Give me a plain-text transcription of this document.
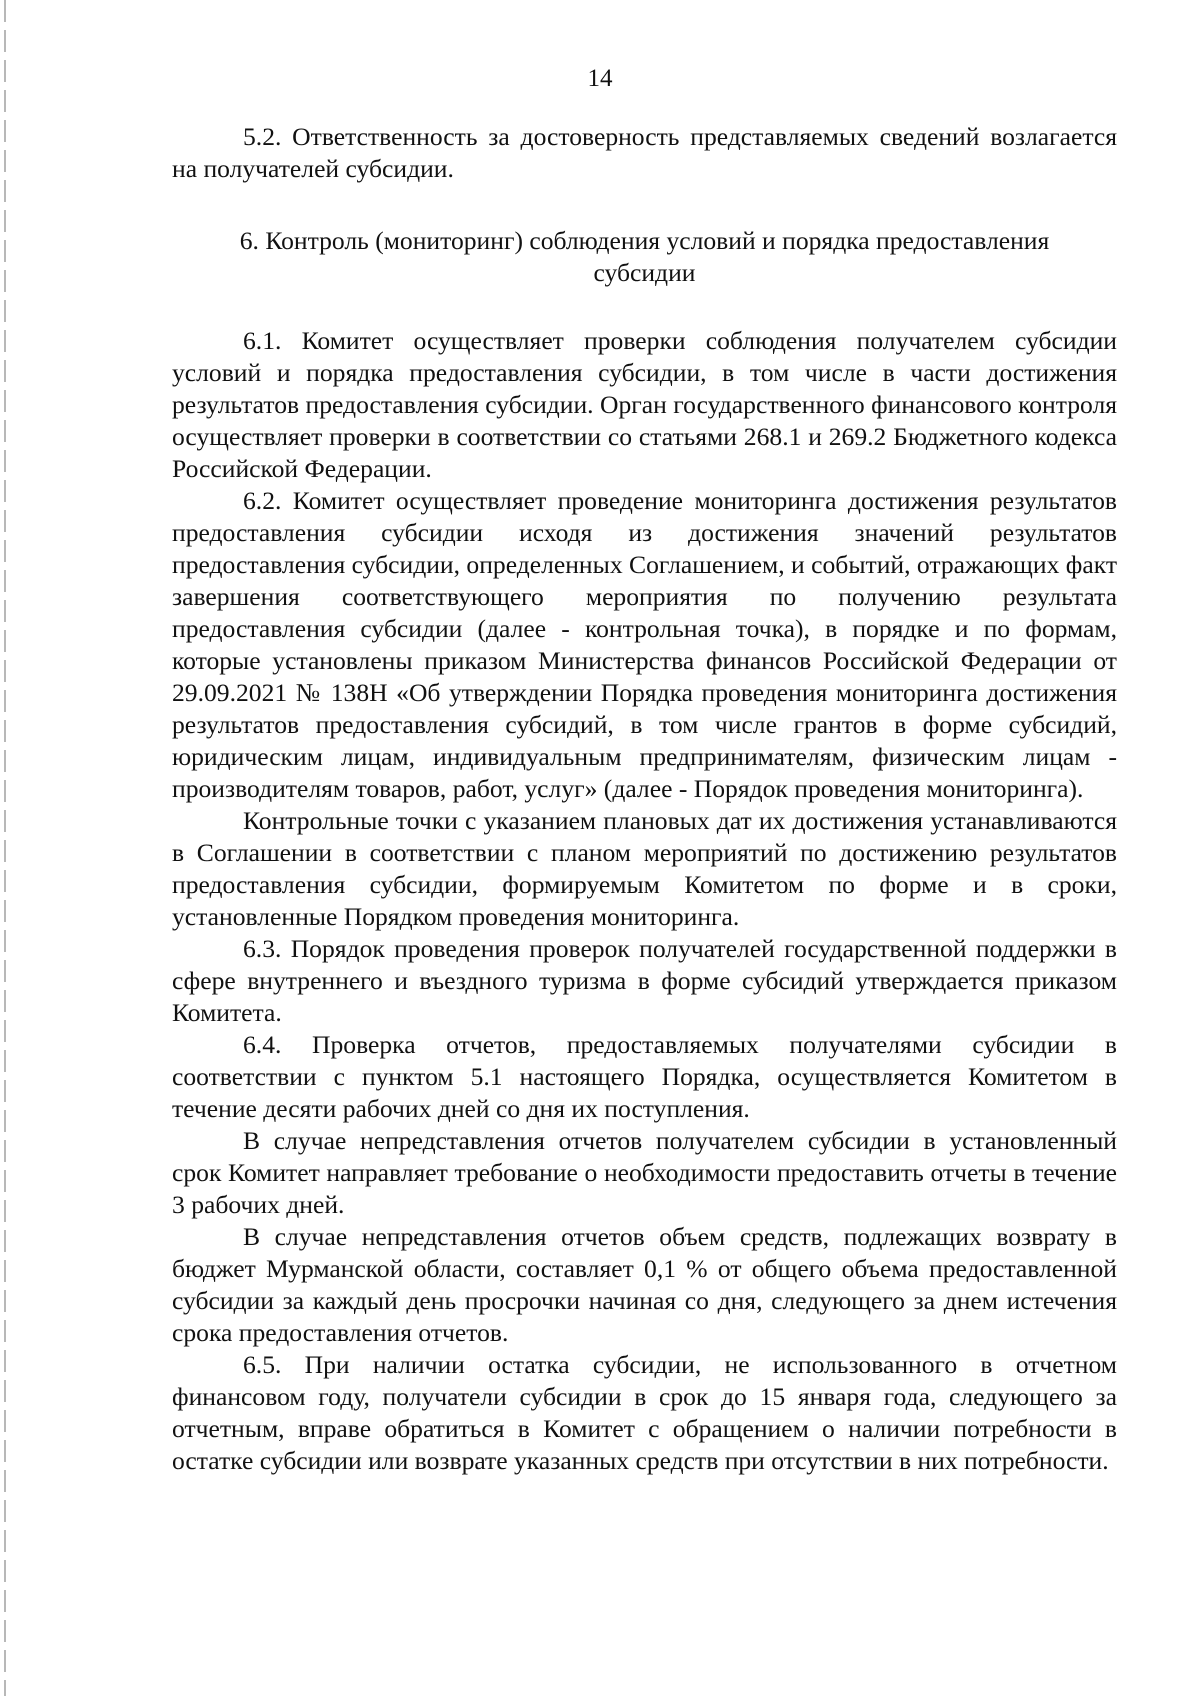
14

5.2. Ответственность за достоверность представляемых сведений возлагается на получателей субсидии.

6. Контроль (мониторинг) соблюдения условий и порядка предоставления
субсидии

6.1. Комитет осуществляет проверки соблюдения получателем субсидии условий и порядка предоставления субсидии, в том числе в части достижения результатов предоставления субсидии. Орган государственного финансового контроля осуществляет проверки в соответствии со статьями 268.1 и 269.2 Бюджетного кодекса Российской Федерации.

6.2. Комитет осуществляет проведение мониторинга достижения результатов предоставления субсидии исходя из достижения значений результатов предоставления субсидии, определенных Соглашением, и событий, отражающих факт завершения соответствующего мероприятия по получению результата предоставления субсидии (далее - контрольная точка), в порядке и по формам, которые установлены приказом Министерства финансов Российской Федерации от 29.09.2021 № 138Н «Об утверждении Порядка проведения мониторинга достижения результатов предоставления субсидий, в том числе грантов в форме субсидий, юридическим лицам, индивидуальным предпринимателям, физическим лицам - производителям товаров, работ, услуг» (далее - Порядок проведения мониторинга).

Контрольные точки с указанием плановых дат их достижения устанавливаются в Соглашении в соответствии с планом мероприятий по достижению результатов предоставления субсидии, формируемым Комитетом по форме и в сроки, установленные Порядком проведения мониторинга.

6.3. Порядок проведения проверок получателей государственной поддержки в сфере внутреннего и въездного туризма в форме субсидий утверждается приказом Комитета.

6.4. Проверка отчетов, предоставляемых получателями субсидии в соответствии с пунктом 5.1 настоящего Порядка, осуществляется Комитетом в течение десяти рабочих дней со дня их поступления.

В случае непредставления отчетов получателем субсидии в установленный срок Комитет направляет требование о необходимости предоставить отчеты в течение 3 рабочих дней.

В случае непредставления отчетов объем средств, подлежащих возврату в бюджет Мурманской области, составляет 0,1 % от общего объема предоставленной субсидии за каждый день просрочки начиная со дня, следующего за днем истечения срока предоставления отчетов.

6.5. При наличии остатка субсидии, не использованного в отчетном финансовом году, получатели субсидии в срок до 15 января года, следующего за отчетным, вправе обратиться в Комитет с обращением о наличии потребности в остатке субсидии или возврате указанных средств при отсутствии в них потребности.
